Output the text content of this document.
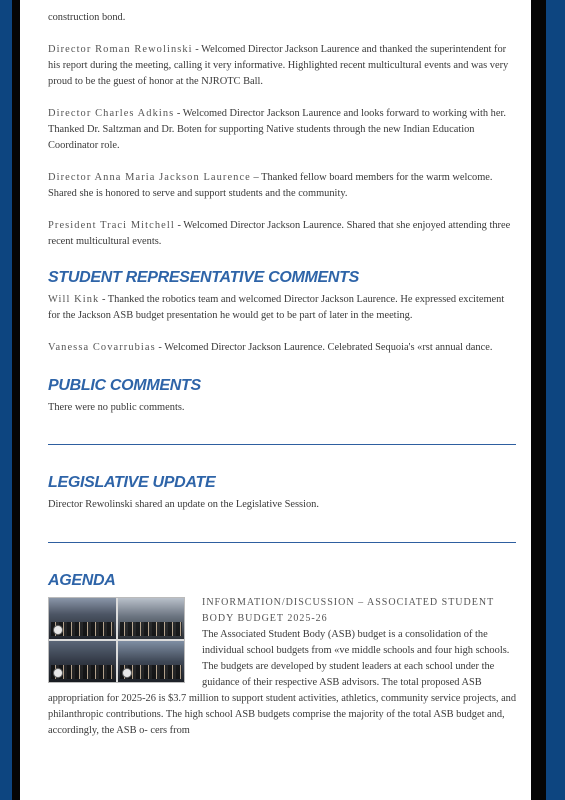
construction bond.

Director Roman Rewolinski - Welcomed Director Jackson Laurence and thanked the superintendent for his report during the meeting, calling it very informative. Highlighted recent multicultural events and was very proud to be the guest of honor at the NJROTC Ball.

Director Charles Adkins - Welcomed Director Jackson Laurence and looks forward to working with her. Thanked Dr. Saltzman and Dr. Boten for supporting Native students through the new Indian Education Coordinator role.

Director Anna Maria Jackson Laurence – Thanked fellow board members for the warm welcome. Shared she is honored to serve and support students and the community.

President Traci Mitchell - Welcomed Director Jackson Laurence. Shared that she enjoyed attending three recent multicultural events.

STUDENT REPRESENTATIVE COMMENTS

Will Kink - Thanked the robotics team and welcomed Director Jackson Laurence. He expressed excitement for the Jackson ASB budget presentation he would get to be part of later in the meeting.

Vanessa Covarrubias - Welcomed Director Jackson Laurence. Celebrated Sequoia's «rst annual dance.

PUBLIC COMMENTS

There were no public comments.

LEGISLATIVE UPDATE

Director Rewolinski shared an update on the Legislative Session.

AGENDA

INFORMATION/DISCUSSION – ASSOCIATED STUDENT BODY BUDGET 2025-26

The Associated Student Body (ASB) budget is a consolidation of the individual school budgets from «ve middle schools and four high schools. The budgets are developed by student leaders at each school under the guidance of their respective ASB advisors. The total proposed ASB appropriation for 2025-26 is $3.7 million to support student activities, athletics, community service projects, and philanthropic contributions. The high school ASB budgets comprise the majority of the total ASB budget and, accordingly, the ASB o- cers from
